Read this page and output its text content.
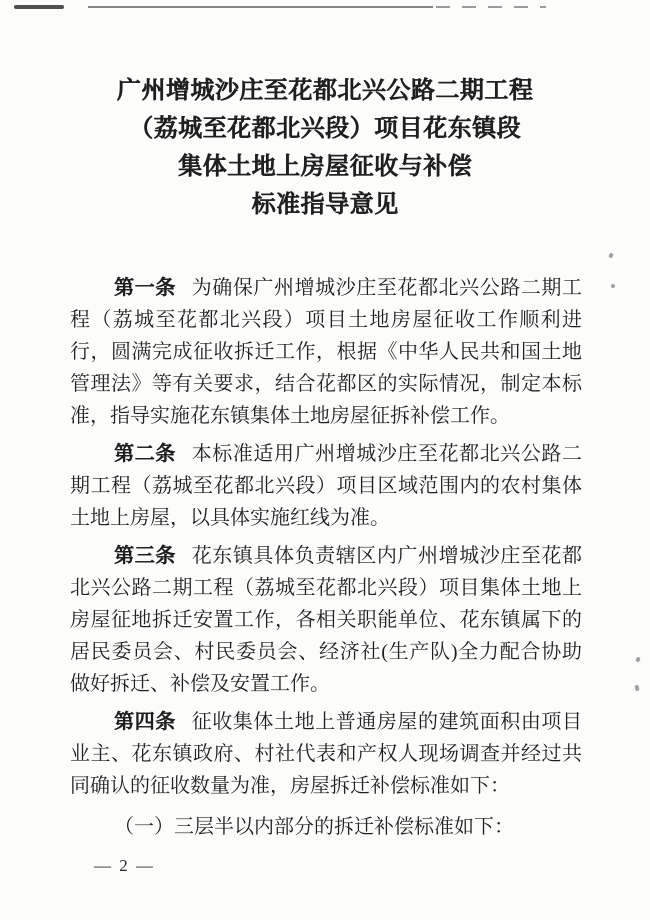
广州增城沙庄至花都北兴公路二期工程
（荔城至花都北兴段）项目花东镇段
集体土地上房屋征收与补偿
标准指导意见

第一条 为确保广州增城沙庄至花都北兴公路二期工程（荔城至花都北兴段）项目土地房屋征收工作顺利进行，圆满完成征收拆迁工作，根据《中华人民共和国土地管理法》等有关要求，结合花都区的实际情况，制定本标准，指导实施花东镇集体土地房屋征拆补偿工作。

第二条 本标准适用广州增城沙庄至花都北兴公路二期工程（荔城至花都北兴段）项目区域范围内的农村集体土地上房屋，以具体实施红线为准。

第三条 花东镇具体负责辖区内广州增城沙庄至花都北兴公路二期工程（荔城至花都北兴段）项目集体土地上房屋征地拆迁安置工作，各相关职能单位、花东镇属下的居民委员会、村民委员会、经济社(生产队)全力配合协助做好拆迁、补偿及安置工作。

第四条 征收集体土地上普通房屋的建筑面积由项目业主、花东镇政府、村社代表和产权人现场调查并经过共同确认的征收数量为准，房屋拆迁补偿标准如下：

（一）三层半以内部分的拆迁补偿标准如下：

— 2 —
